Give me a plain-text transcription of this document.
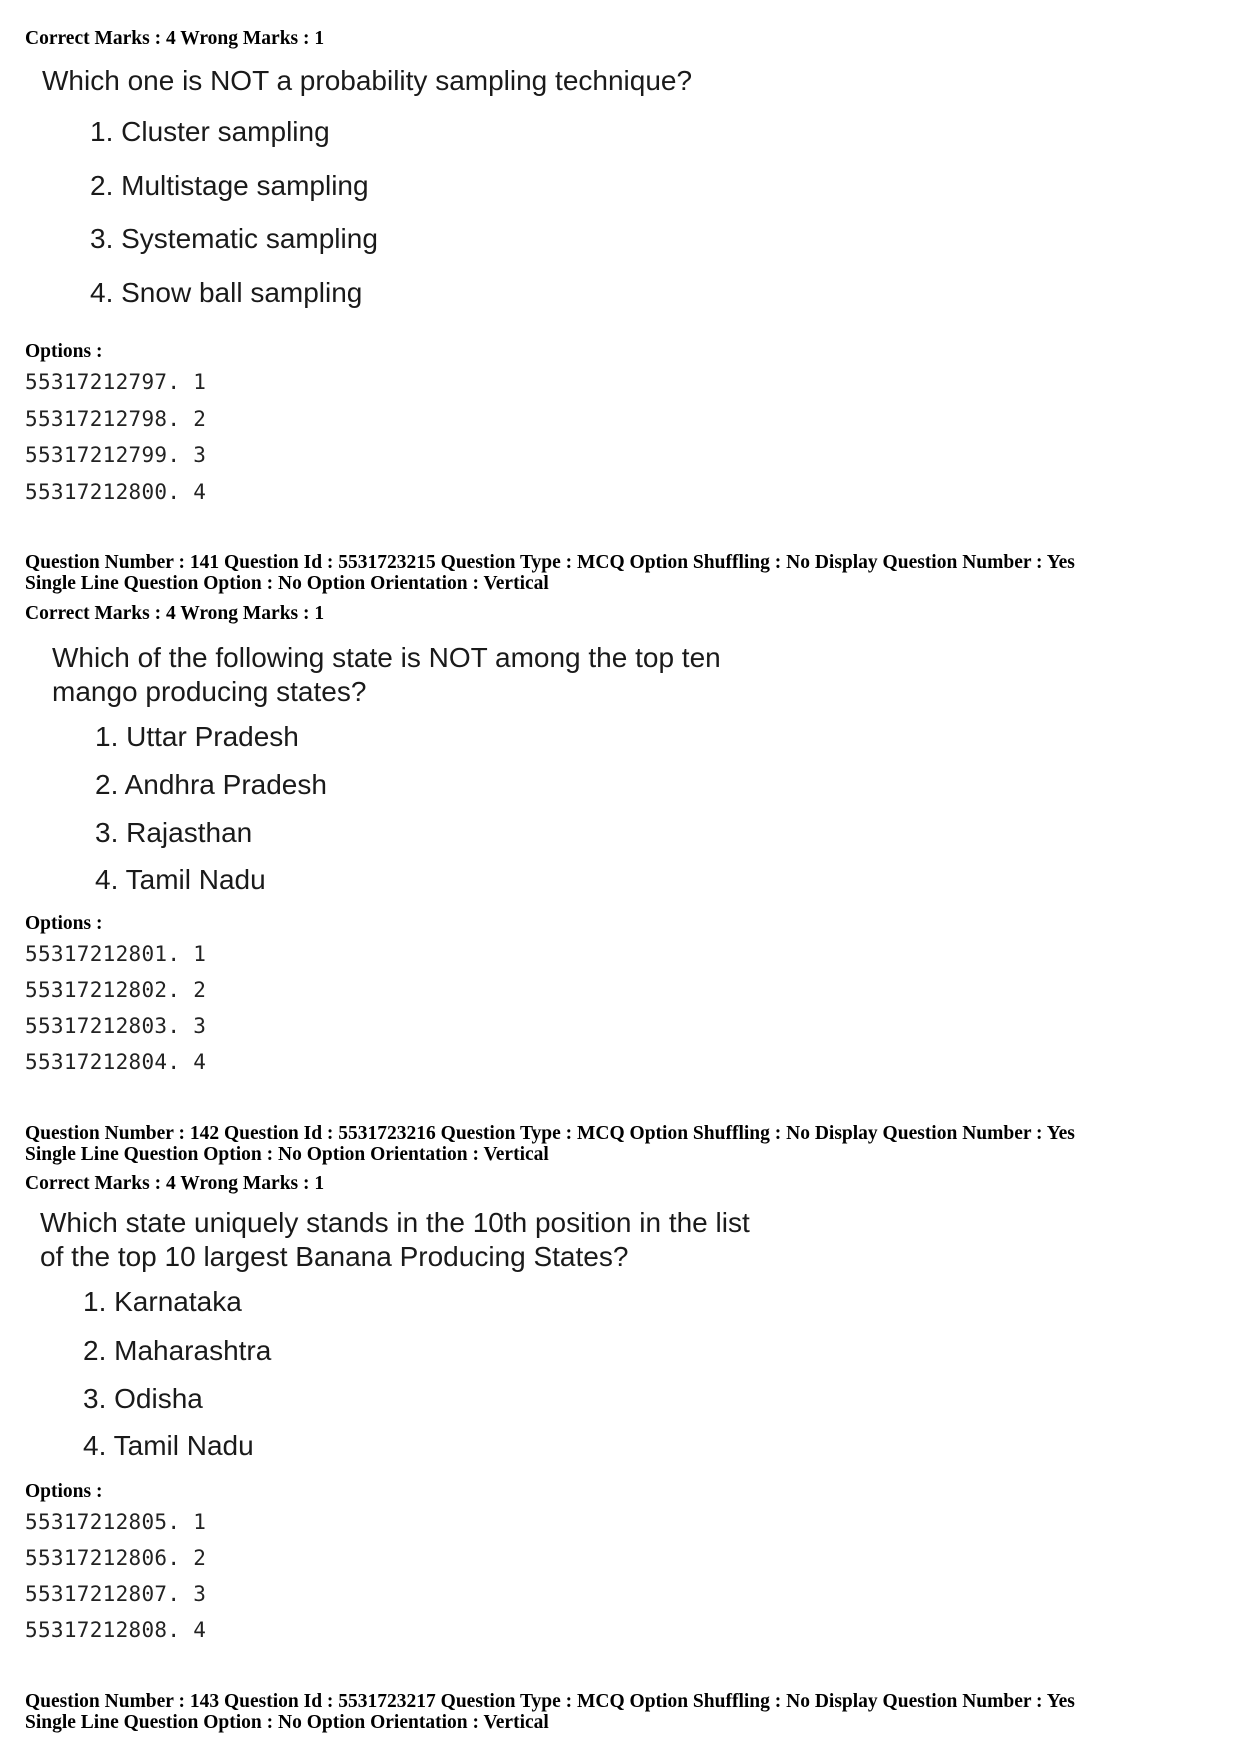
Correct Marks : 4 Wrong Marks : 1
Which one is NOT a probability sampling technique?
1. Cluster sampling
2. Multistage sampling
3. Systematic sampling
4. Snow ball sampling
Options :
55317212797. 1
55317212798. 2
55317212799. 3
55317212800. 4
Question Number : 141 Question Id : 5531723215 Question Type : MCQ Option Shuffling : No Display Question Number : Yes
Single Line Question Option : No Option Orientation : Vertical
Correct Marks : 4 Wrong Marks : 1
Which of the following state is NOT among the top ten
mango producing states?
1. Uttar Pradesh
2. Andhra Pradesh
3. Rajasthan
4. Tamil Nadu
Options :
55317212801. 1
55317212802. 2
55317212803. 3
55317212804. 4
Question Number : 142 Question Id : 5531723216 Question Type : MCQ Option Shuffling : No Display Question Number : Yes
Single Line Question Option : No Option Orientation : Vertical
Correct Marks : 4 Wrong Marks : 1
Which state uniquely stands in the 10th position in the list
of the top 10 largest Banana Producing States?
1. Karnataka
2. Maharashtra
3. Odisha
4. Tamil Nadu
Options :
55317212805. 1
55317212806. 2
55317212807. 3
55317212808. 4
Question Number : 143 Question Id : 5531723217 Question Type : MCQ Option Shuffling : No Display Question Number : Yes
Single Line Question Option : No Option Orientation : Vertical
